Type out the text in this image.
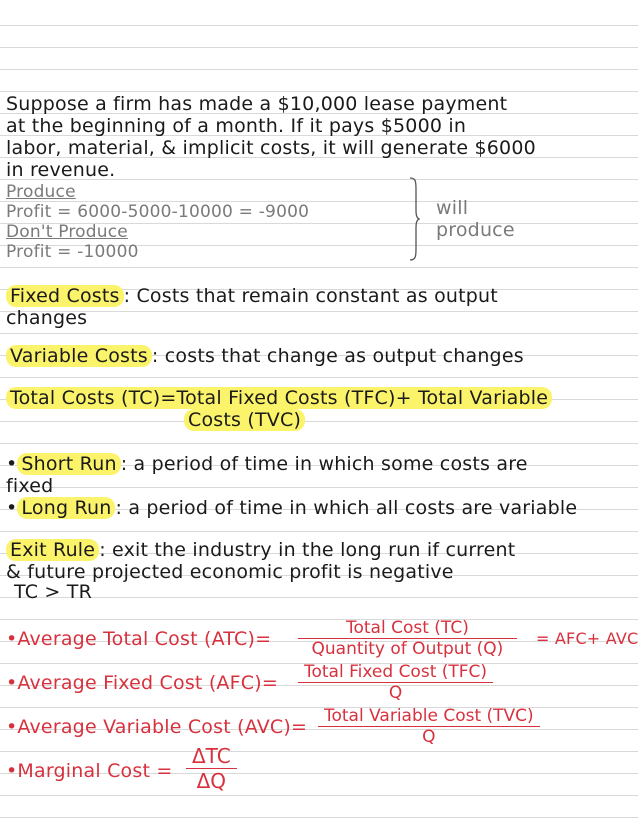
Suppose a firm has made a $10,000 lease payment
at the beginning of a month. If it pays $5000 in
labor, material, & implicit costs, it will generate $6000
in revenue.
Produce
Profit = 6000-5000-10000 = -9000
Don't Produce
Profit = -10000
will
produce
Fixed Costs : Costs that remain constant as output
changes
Variable Costs : costs that change as output changes
Total Costs (TC)=Total Fixed Costs (TFC)+ Total Variable
Costs (TVC)
• Short Run : a period of time in which some costs are
fixed
• Long Run : a period of time in which all costs are variable
Exit Rule : exit the industry in the long run if current
& future projected economic profit is negative
TC > TR
•Average Total Cost (ATC)=	Total Cost (TC)
Quantity of Output (Q)
= AFC+ AVC
•Average Fixed Cost (AFC)=	Total Fixed Cost (TFC)
Q
•Average Variable Cost (AVC)= Total Variable Cost (TVC)
Q
•Marginal Cost =
ΔTC
ΔQ
